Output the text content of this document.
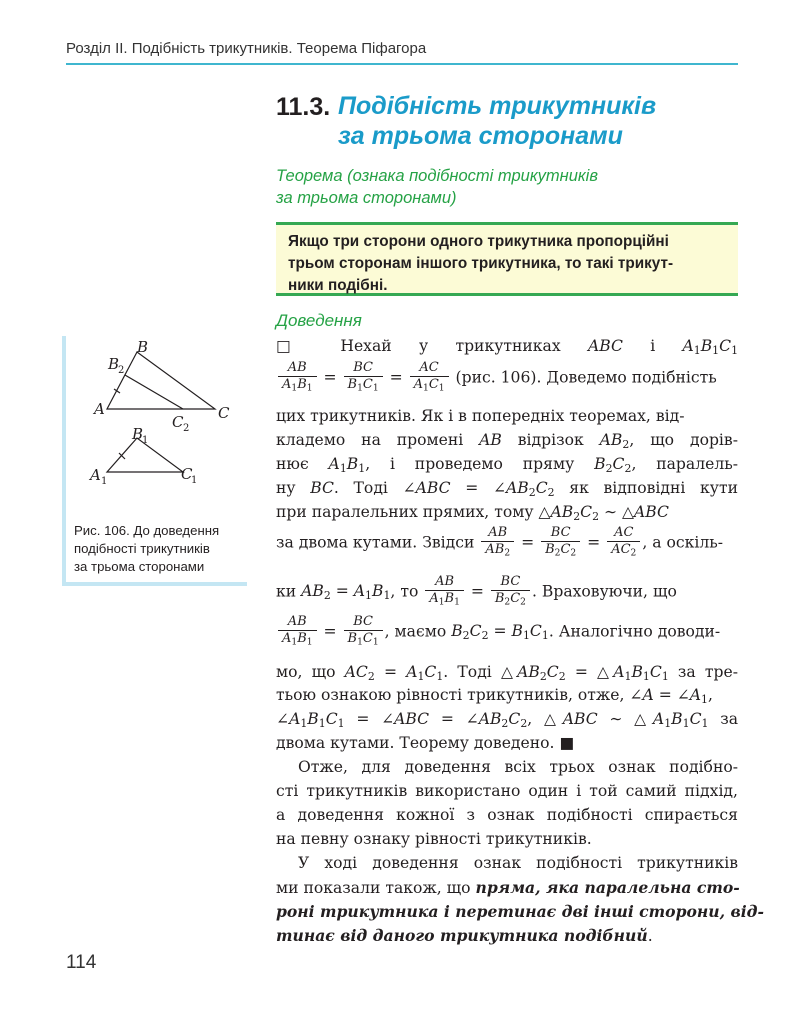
Розділ II. Подібність трикутників. Теорема Піфагора
11.3. Подібність трикутників
за трьома сторонами
Теорема (ознака подібності трикутників
за трьома сторонами)
Якщо три сторони одного трикутника пропорційні
трьом сторонам іншого трикутника, то такі трикут-
ники подібні.
Доведення
B
B
2
A
C 2
C
B
1
A 1	C
1
Рис. 106. До доведення
подібності трикутників
за трьома сторонами
□ Нехай у трикутниках ABC і $A_1B_1C_1$
$\frac{AB}{A_1B_1} = \frac{BC}{B_1C_1} = \frac{AC}{A_1C_1} (рис$. 106). Доведемо подібність
цих трикутників. Як і в попередніх теоремах, від-
кладемо на промені AB відрізок $AB_2$, що дорів-
нює $A_1B_1$, і проведемо пряму $B_2C_2$, паралель-
ну BC. Тоді ∠ABC = $\angle AB_2C_2$ як відповідні кути
при паралельних прямих, тому $\triangle AB_2C_2$ ∼ △ABC
за двома кутами. Звідси $\frac{AB}{AB_2} = \frac{BC}{B_2C_2} = \frac{AC}{AC_2}$ , а оскіль-
ки $AB_2 = A_1B_1$, то $\frac{AB}{A_1B_1} = \frac{BC}{B_2C_2}$ . Враховуючи, що
$\frac{AB}{A_1B_1} = \frac{BC}{B_1C_1}$ , маємо $B_2C_2 = B_1C_1$. Аналогічно доводи-
мо, що $AC_2 = A_1C_1$. Тоді $\triangle AB_2C_2$ = $\triangle A_1B_1C_1$ за тре-
тьою ознакою рівності трикутників, отже, ∠A = $\angle A_1$,
$\angle A_1B_1C_1$ = ∠ABC = $\angle AB_2C_2$, △ABC ∼ $\triangle A_1B_1C_1$ за
двома кутами. Теорему доведено. ■
Отже, для доведення всіх трьох ознак подібно-
сті трикутників використано один і той самий підхід,
а доведення кожної з ознак подібності спирається
на певну ознаку рівності трикутників.
У ході доведення ознак подібності трикутників
ми показали також, що пряма, яка паралельна сто-
роні трикутника і перетинає дві інші сторони, від-
тинає від даного трикутника подібний.
114
